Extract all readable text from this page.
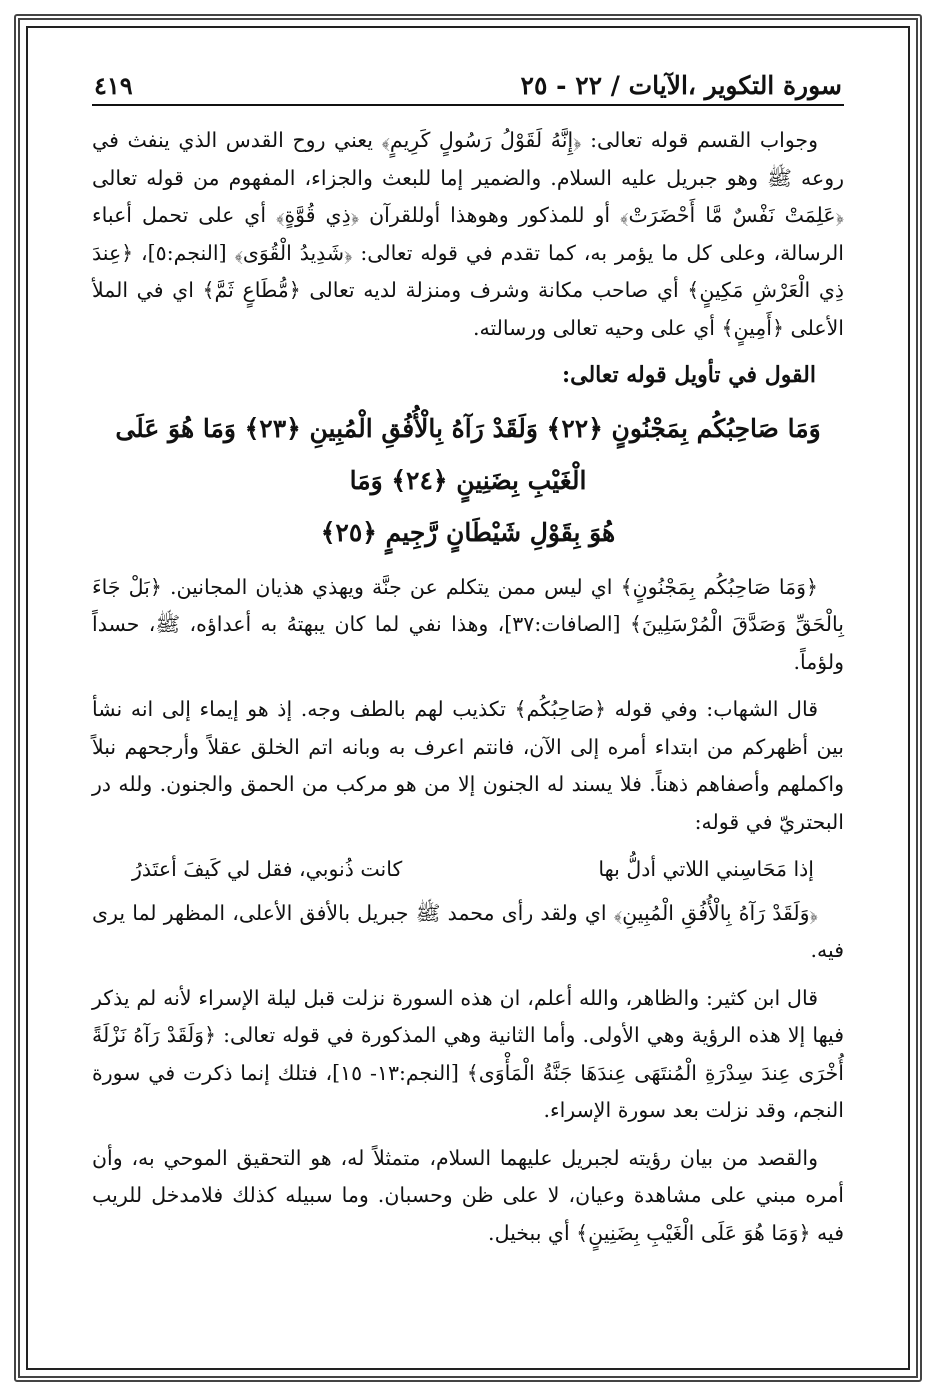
سورة التكوير ،الآيات / ٢٢ - ٢٥
٤١٩

وجواب القسم قوله تعالى: ﴿إِنَّهُ لَقَوْلُ رَسُولٍ كَرِيمٍ﴾ يعني روح القدس الذي ينفث في روعه ﷺ وهو جبريل عليه السلام. والضمير إما للبعث والجزاء، المفهوم من قوله تعالى ﴿عَلِمَتْ نَفْسٌ مَّا أَحْضَرَتْ﴾ أو للمذكور وهوهذا أوللقرآن ﴿ذِي قُوَّةٍ﴾ أي على تحمل أعباء الرسالة، وعلى كل ما يؤمر به، كما تقدم في قوله تعالى: ﴿شَدِيدُ الْقُوَى﴾ [النجم:٥]، ﴿عِندَ ذِي الْعَرْشِ مَكِينٍ﴾ أي صاحب مكانة وشرف ومنزلة لديه تعالى ﴿مُّطَاعٍ ثَمَّ﴾ اي في الملأ الأعلى ﴿أَمِينٍ﴾ أي على وحيه تعالى ورسالته.

القول في تأويل قوله تعالى:
وَمَا صَاحِبُكُم بِمَجْنُونٍ ﴿٢٢﴾ وَلَقَدْ رَآهُ بِالْأُفُقِ الْمُبِينِ ﴿٢٣﴾ وَمَا هُوَ عَلَى الْغَيْبِ بِضَنِينٍ ﴿٢٤﴾ وَمَا
هُوَ بِقَوْلِ شَيْطَانٍ رَّجِيمٍ ﴿٢٥﴾

﴿وَمَا صَاحِبُكُم بِمَجْنُونٍ﴾ اي ليس ممن يتكلم عن جنَّة ويهذي هذيان المجانين. ﴿بَلْ جَاءَ بِالْحَقِّ وَصَدَّقَ الْمُرْسَلِينَ﴾ [الصافات:٣٧]، وهذا نفي لما كان يبهتهُ به أعداؤه، ﷺ، حسداً ولؤماً.

قال الشهاب: وفي قوله ﴿صَاحِبُكُم﴾ تكذيب لهم بالطف وجه. إذ هو إيماء إلى انه نشأ بين أظهركم من ابتداء أمره إلى الآن، فانتم اعرف به وبانه اتم الخلق عقلاً وأرجحهم نبلاً واكملهم وأصفاهم ذهناً. فلا يسند له الجنون إلا من هو مركب من الحمق والجنون. ولله در البحتريّ في قوله:

إذا مَحَاسِني اللاتي أدلُّ بها
كانت ذُنوبي، فقل لي كَيفَ أعتَذرُ

﴿وَلَقَدْ رَآهُ بِالْأُفُقِ الْمُبِينِ﴾ اي ولقد رأى محمد ﷺ جبريل بالأفق الأعلى، المظهر لما يرى فيه.

قال ابن كثير: والظاهر، والله أعلم، ان هذه السورة نزلت قبل ليلة الإسراء لأنه لم يذكر فيها إلا هذه الرؤية وهي الأولى. وأما الثانية وهي المذكورة في قوله تعالى: ﴿وَلَقَدْ رَآهُ نَزْلَةً أُخْرَى عِندَ سِدْرَةِ الْمُنتَهَى عِندَهَا جَنَّةُ الْمَأْوَى﴾ [النجم:١٣- ١٥]، فتلك إنما ذكرت في سورة النجم، وقد نزلت بعد سورة الإسراء.

والقصد من بيان رؤيته لجبريل عليهما السلام، متمثلاً له، هو التحقيق الموحي به، وأن أمره مبني على مشاهدة وعيان، لا على ظن وحسبان. وما سبيله كذلك فلامدخل للريب فيه ﴿وَمَا هُوَ عَلَى الْغَيْبِ بِضَنِينٍ﴾ أي ببخيل.
